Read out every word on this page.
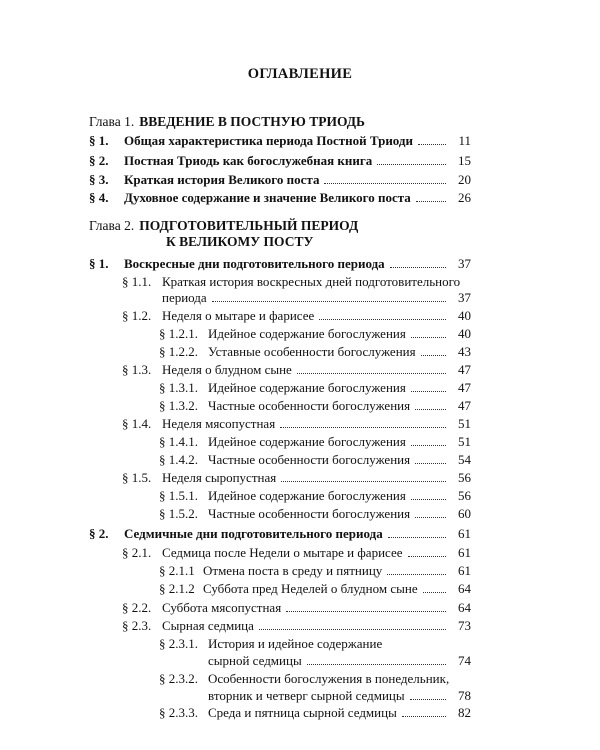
ОГЛАВЛЕНИЕ
Глава 1. ВВЕДЕНИЕ В ПОСТНУЮ ТРИОДЬ
§ 1. Общая характеристика периода Постной Триоди	11
§ 2. Постная Триодь как богослужебная книга	15
§ 3. Краткая история Великого поста	20
§ 4. Духовное содержание и значение Великого поста	26
Глава 2. ПОДГОТОВИТЕЛЬНЫЙ ПЕРИОД
К ВЕЛИКОМУ ПОСТУ
§ 1. Воскресные дни подготовительного периода	37
§ 1.1. Краткая история воскресных дней подготовительного
периода	37
§ 1.2. Неделя о мытаре и фарисее	40
§ 1.2.1. Идейное содержание богослужения	40
§ 1.2.2. Уставные особенности богослужения	43
§ 1.3. Неделя о блудном сыне	47
§ 1.3.1. Идейное содержание богослужения	47
§ 1.3.2. Частные особенности богослужения	47
§ 1.4. Неделя мясопустная	51
§ 1.4.1. Идейное содержание богослужения	51
§ 1.4.2. Частные особенности богослужения	54
§ 1.5. Неделя сыропустная	56
§ 1.5.1. Идейное содержание богослужения	56
§ 1.5.2. Частные особенности богослужения	60
§ 2. Седмичные дни подготовительного периода	61
§ 2.1. Седмица после Недели о мытаре и фарисее	61
§ 2.1.1 Отмена поста в среду и пятницу	61
§ 2.1.2 Суббота пред Неделей о блудном сыне	64
§ 2.2. Суббота мясопустная	64
§ 2.3. Сырная седмица	73
§ 2.3.1. История и идейное содержание
сырной седмицы	74
§ 2.3.2. Особенности богослужения в понедельник,
вторник и четверг сырной седмицы	78
§ 2.3.3. Среда и пятница сырной седмицы	82
